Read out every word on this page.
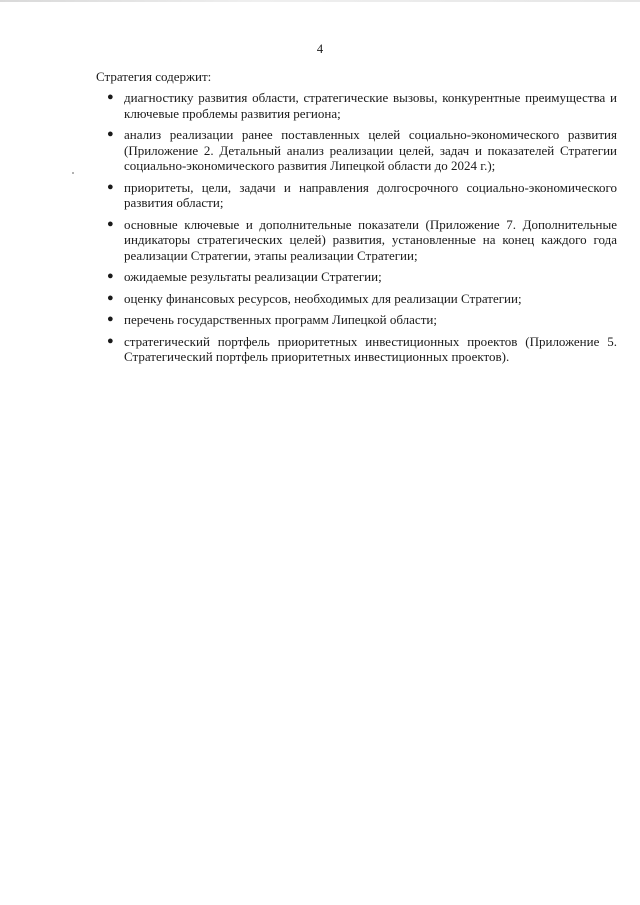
4
Стратегия содержит:
● диагностику развития области, стратегические вызовы, конкурентные преимущества и ключевые проблемы развития региона;
● анализ реализации ранее поставленных целей социально-экономического развития (Приложение 2. Детальный анализ реализации целей, задач и показателей Стратегии социально-экономического развития Липецкой области до 2024 г.);
● приоритеты, цели, задачи и направления долгосрочного социально-экономического развития области;
● основные ключевые и дополнительные показатели (Приложение 7. Дополнительные индикаторы стратегических целей) развития, установленные на конец каждого года реализации Стратегии, этапы реализации Стратегии;
● ожидаемые результаты реализации Стратегии;
● оценку финансовых ресурсов, необходимых для реализации Стратегии;
● перечень государственных программ Липецкой области;
● стратегический портфель приоритетных инвестиционных проектов (Приложение 5. Стратегический портфель приоритетных инвестиционных проектов).
